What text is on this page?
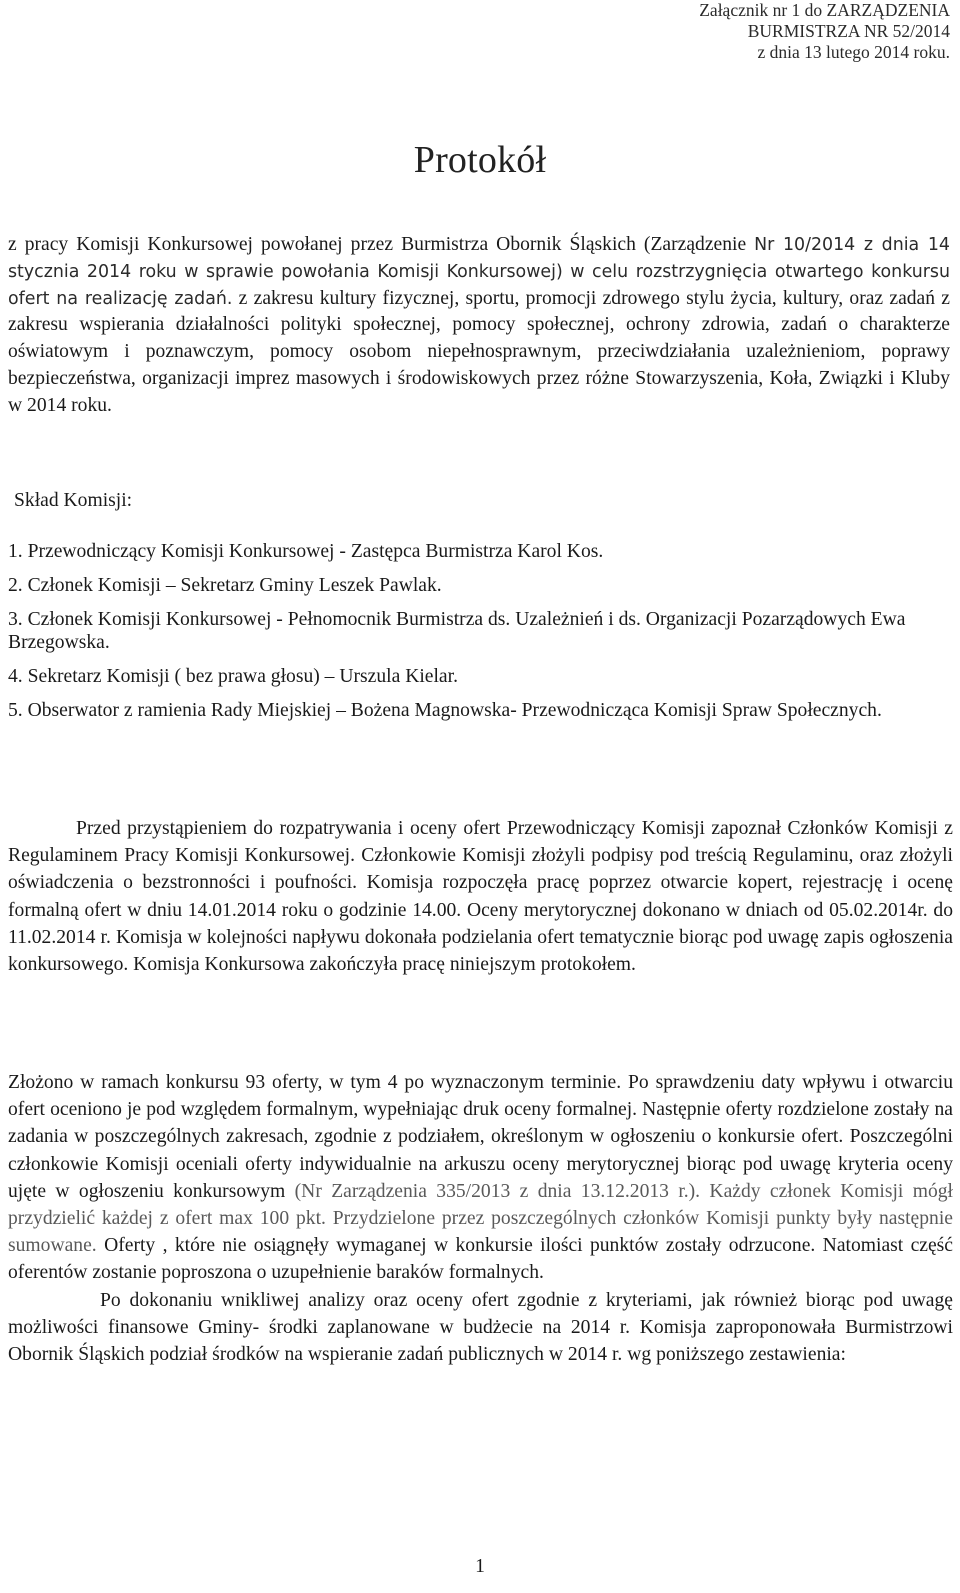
Załącznik nr 1 do ZARZĄDZENIA
BURMISTRZA NR 52/2014
z dnia 13 lutego 2014 roku.
Protokół
z pracy Komisji Konkursowej powołanej przez Burmistrza Obornik Śląskich (Zarządzenie Nr 10/2014 z dnia 14 stycznia 2014 roku w sprawie powołania Komisji Konkursowej) w celu rozstrzygnięcia otwartego konkursu ofert na realizację zadań. z zakresu kultury fizycznej, sportu, promocji zdrowego stylu życia, kultury, oraz zadań z zakresu wspierania działalności polityki społecznej, pomocy społecznej, ochrony zdrowia, zadań o charakterze oświatowym i poznawczym, pomocy osobom niepełnosprawnym, przeciwdziałania uzależnieniom, poprawy bezpieczeństwa, organizacji imprez masowych i środowiskowych przez różne Stowarzyszenia, Koła, Związki i Kluby w 2014 roku.
Skład Komisji:
1. Przewodniczący Komisji Konkursowej - Zastępca Burmistrza Karol Kos.
2. Członek Komisji – Sekretarz Gminy Leszek Pawlak.
3. Członek Komisji Konkursowej - Pełnomocnik Burmistrza ds. Uzależnień i ds. Organizacji Pozarządowych Ewa Brzegowska.
4. Sekretarz Komisji ( bez prawa głosu) – Urszula Kielar.
5. Obserwator z ramienia Rady Miejskiej – Bożena Magnowska- Przewodnicząca Komisji Spraw Społecznych.

Przed przystąpieniem do rozpatrywania i oceny ofert Przewodniczący Komisji zapoznał Członków Komisji z Regulaminem Pracy Komisji Konkursowej. Członkowie Komisji złożyli podpisy pod treścią Regulaminu, oraz złożyli oświadczenia o bezstronności i poufności. Komisja rozpoczęła pracę poprzez otwarcie kopert, rejestrację i ocenę formalną ofert w dniu 14.01.2014 roku o godzinie 14.00. Oceny merytorycznej dokonano w dniach od 05.02.2014r. do 11.02.2014 r. Komisja w kolejności napływu dokonała podzielania ofert tematycznie biorąc pod uwagę zapis ogłoszenia konkursowego. Komisja Konkursowa zakończyła pracę niniejszym protokołem.

Złożono w ramach konkursu 93 oferty, w tym 4 po wyznaczonym terminie. Po sprawdzeniu daty wpływu i otwarciu ofert oceniono je pod względem formalnym, wypełniając druk oceny formalnej. Następnie oferty rozdzielone zostały na zadania w poszczególnych zakresach, zgodnie z podziałem, określonym w ogłoszeniu o konkursie ofert. Poszczególni członkowie Komisji oceniali oferty indywidualnie na arkuszu oceny merytorycznej biorąc pod uwagę kryteria oceny ujęte w ogłoszeniu konkursowym (Nr Zarządzenia 335/2013 z dnia 13.12.2013 r.). Każdy członek Komisji mógł przydzielić każdej z ofert max 100 pkt. Przydzielone przez poszczególnych członków Komisji punkty były następnie sumowane. Oferty , które nie osiągnęły wymaganej w konkursie ilości punktów zostały odrzucone. Natomiast część oferentów zostanie poproszona o uzupełnienie baraków formalnych.

Po dokonaniu wnikliwej analizy oraz oceny ofert zgodnie z kryteriami, jak również biorąc pod uwagę możliwości finansowe Gminy- środki zaplanowane w budżecie na 2014 r. Komisja zaproponowała Burmistrzowi Obornik Śląskich podział środków na wspieranie zadań publicznych w 2014 r. wg poniższego zestawienia:

1
